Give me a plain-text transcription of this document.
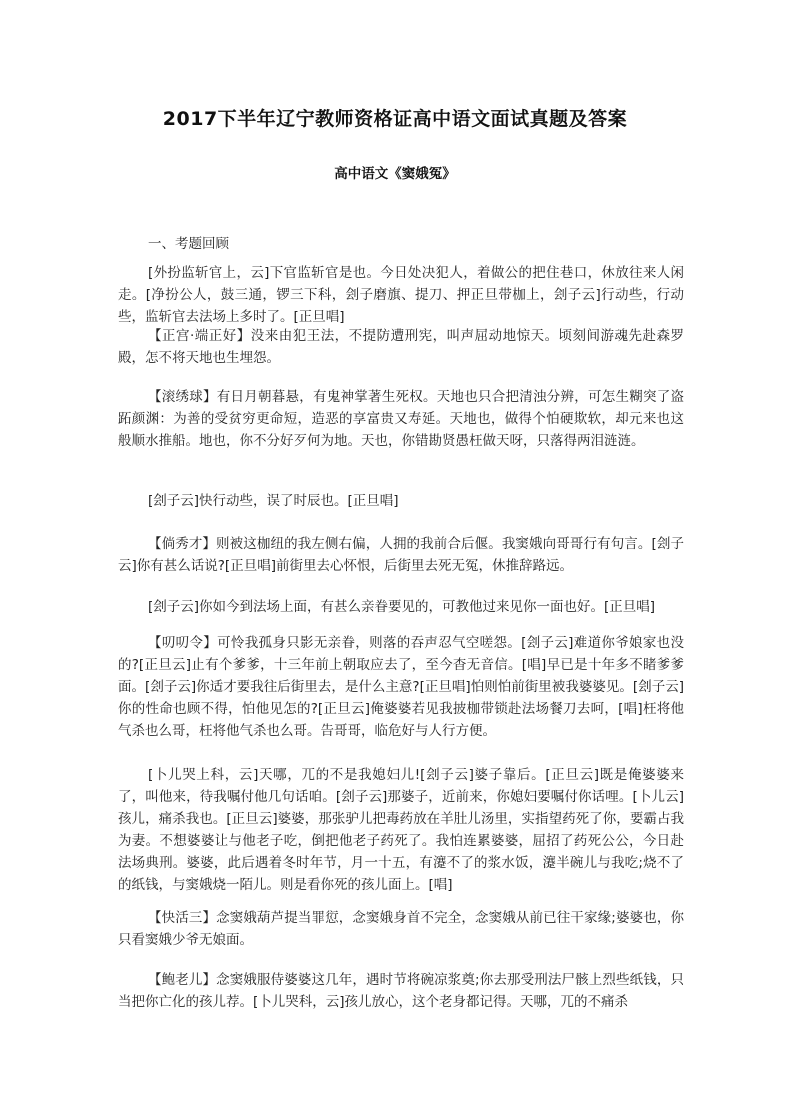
2017下半年辽宁教师资格证高中语文面试真题及答案
高中语文《窦娥冤》
一、考题回顾

[外扮监斩官上，云]下官监斩官是也。今日处决犯人，着做公的把住巷口，休放往来人闲走。[净扮公人，鼓三通，锣三下科，刽子磨旗、提刀、押正旦带枷上，刽子云]行动些，行动些，监斩官去法场上多时了。[正旦唱]

【正宫·端正好】没来由犯王法，不提防遭刑宪，叫声屈动地惊天。顷刻间游魂先赴森罗殿，怎不将天地也生埋怨。

【滚绣球】有日月朝暮悬，有鬼神掌著生死权。天地也只合把清浊分辨，可怎生糊突了盗跖颜渊：为善的受贫穷更命短，造恶的享富贵又寿延。天地也，做得个怕硬欺软，却元来也这般顺水推船。地也，你不分好歹何为地。天也，你错勘贤愚枉做天呀，只落得两泪涟涟。

[刽子云]快行动些，误了时辰也。[正旦唱]

【倘秀才】则被这枷纽的我左侧右偏，人拥的我前合后偃。我窦娥向哥哥行有句言。[刽子云]你有甚么话说?[正旦唱]前街里去心怀恨，后街里去死无冤，休推辞路远。

[刽子云]你如今到法场上面，有甚么亲眷要见的，可教他过来见你一面也好。[正旦唱]

【叨叨令】可怜我孤身只影无亲眷，则落的吞声忍气空嗟怨。[刽子云]难道你爷娘家也没的?[正旦云]止有个爹爹，十三年前上朝取应去了，至今杳无音信。[唱]早已是十年多不睹爹爹面。[刽子云]你适才要我往后街里去，是什么主意?[正旦唱]怕则怕前街里被我婆婆见。[刽子云]你的性命也顾不得，怕他见怎的?[正旦云]俺婆婆若见我披枷带锁赴法场餐刀去呵，[唱]枉将他气杀也么哥，枉将他气杀也么哥。告哥哥，临危好与人行方便。

[卜儿哭上科，云]天哪，兀的不是我媳妇儿![刽子云]婆子靠后。[正旦云]既是俺婆婆来了，叫他来，待我嘱付他几句话咱。[刽子云]那婆子，近前来，你媳妇要嘱付你话哩。[卜儿云]孩儿，痛杀我也。[正旦云]婆婆，那张驴儿把毒药放在羊肚儿汤里，实指望药死了你，要霸占我为妻。不想婆婆让与他老子吃，倒把他老子药死了。我怕连累婆婆，屈招了药死公公，今日赴法场典刑。婆婆，此后遇着冬时年节，月一十五，有瀽不了的浆水饭，瀽半碗儿与我吃;烧不了的纸钱，与窦娥烧一陌儿。则是看你死的孩儿面上。[唱]

【快活三】念窦娥葫芦提当罪愆，念窦娥身首不完全，念窦娥从前已往干家缘;婆婆也，你只看窦娥少爷无娘面。

【鲍老儿】念窦娥服侍婆婆这几年，遇时节将碗凉浆奠;你去那受刑法尸骸上烈些纸钱，只当把你亡化的孩儿荐。[卜儿哭科，云]孩儿放心，这个老身都记得。天哪，兀的不痛杀
